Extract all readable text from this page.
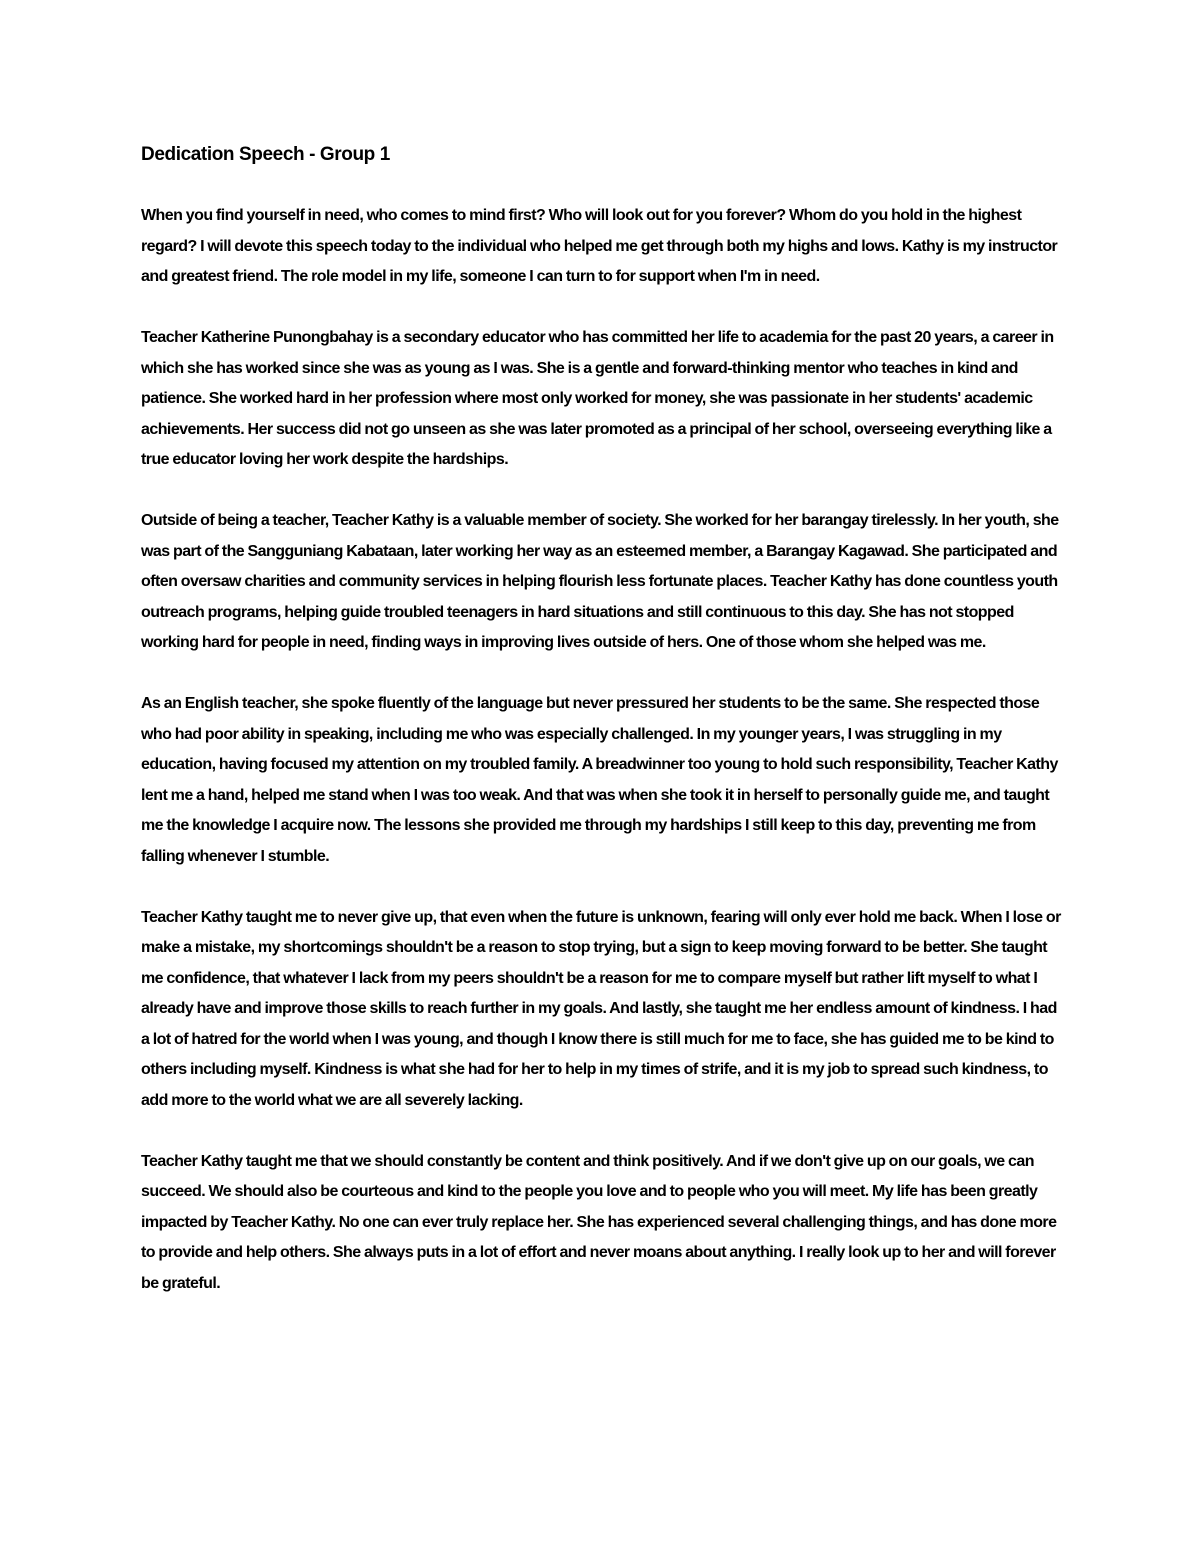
Dedication Speech - Group 1

When you find yourself in need, who comes to mind first? Who will look out for you forever? Whom do you hold in the highest regard? I will devote this speech today to the individual who helped me get through both my highs and lows. Kathy is my instructor and greatest friend. The role model in my life, someone I can turn to for support when I'm in need.

Teacher Katherine Punongbahay is a secondary educator who has committed her life to academia for the past 20 years, a career in which she has worked since she was as young as I was. She is a gentle and forward-thinking mentor who teaches in kind and patience. She worked hard in her profession where most only worked for money, she was passionate in her students' academic achievements. Her success did not go unseen as she was later promoted as a principal of her school, overseeing everything like a true educator loving her work despite the hardships.

Outside of being a teacher, Teacher Kathy is a valuable member of society. She worked for her barangay tirelessly. In her youth, she was part of the Sangguniang Kabataan, later working her way as an esteemed member, a Barangay Kagawad. She participated and often oversaw charities and community services in helping flourish less fortunate places. Teacher Kathy has done countless youth outreach programs, helping guide troubled teenagers in hard situations and still continuous to this day. She has not stopped working hard for people in need, finding ways in improving lives outside of hers. One of those whom she helped was me.

As an English teacher, she spoke fluently of the language but never pressured her students to be the same. She respected those who had poor ability in speaking, including me who was especially challenged. In my younger years, I was struggling in my education, having focused my attention on my troubled family. A breadwinner too young to hold such responsibility, Teacher Kathy lent me a hand, helped me stand when I was too weak. And that was when she took it in herself to personally guide me, and taught me the knowledge I acquire now. The lessons she provided me through my hardships I still keep to this day, preventing me from falling whenever I stumble.

Teacher Kathy taught me to never give up, that even when the future is unknown, fearing will only ever hold me back. When I lose or make a mistake, my shortcomings shouldn't be a reason to stop trying, but a sign to keep moving forward to be better. She taught me confidence, that whatever I lack from my peers shouldn't be a reason for me to compare myself but rather lift myself to what I already have and improve those skills to reach further in my goals. And lastly, she taught me her endless amount of kindness. I had a lot of hatred for the world when I was young, and though I know there is still much for me to face, she has guided me to be kind to others including myself. Kindness is what she had for her to help in my times of strife, and it is my job to spread such kindness, to add more to the world what we are all severely lacking.

Teacher Kathy taught me that we should constantly be content and think positively. And if we don't give up on our goals, we can succeed. We should also be courteous and kind to the people you love and to people who you will meet. My life has been greatly impacted by Teacher Kathy. No one can ever truly replace her. She has experienced several challenging things, and has done more to provide and help others. She always puts in a lot of effort and never moans about anything. I really look up to her and will forever be grateful.
